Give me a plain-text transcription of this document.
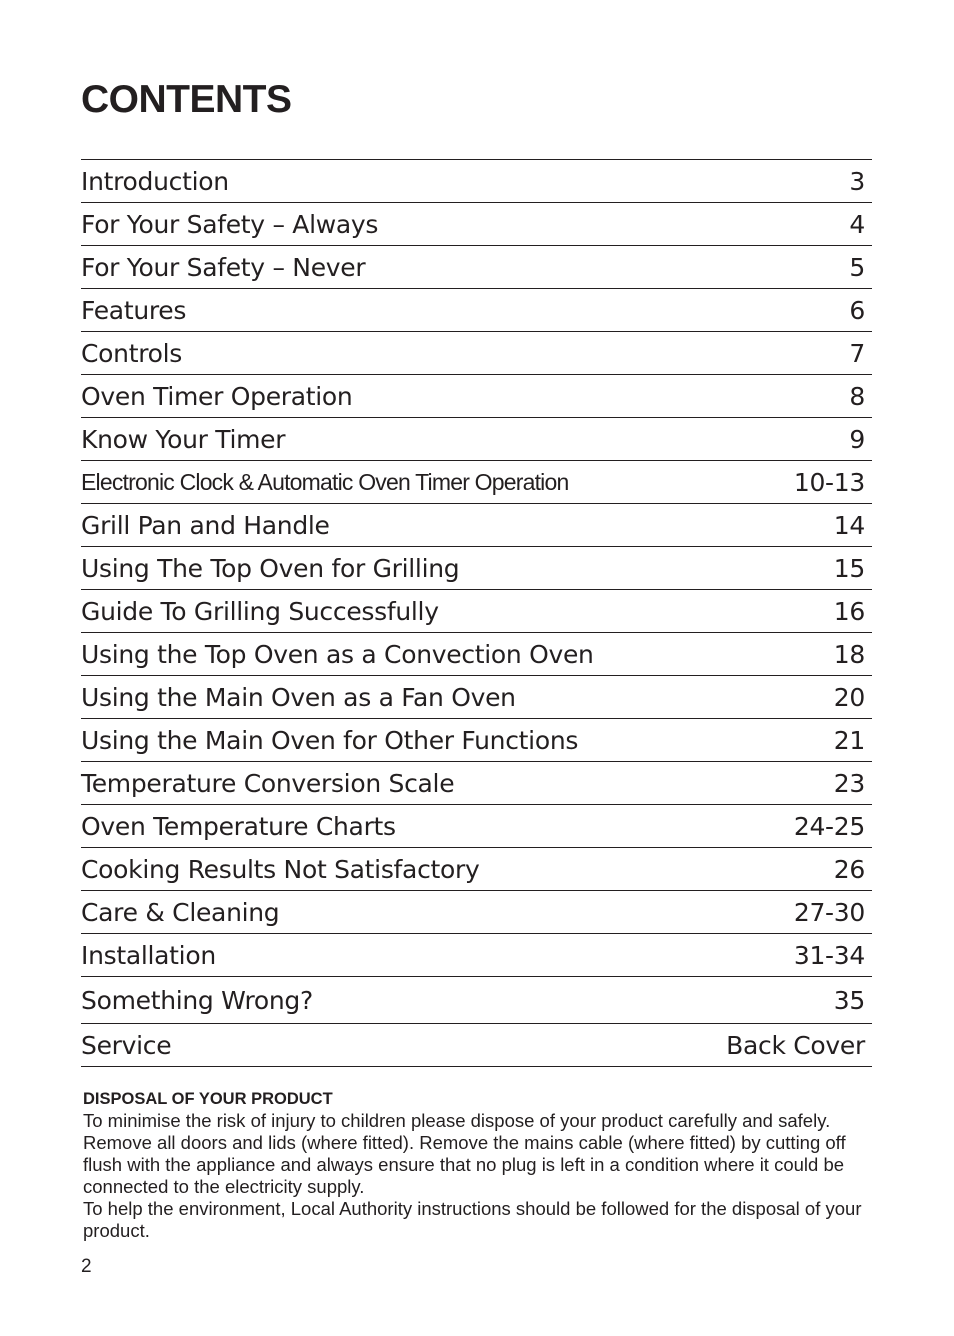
CONTENTS
Introduction	3
For Your Safety – Always	4
For Your Safety – Never	5
Features	6
Controls	7
Oven Timer Operation	8
Know Your Timer	9
Electronic Clock & Automatic Oven Timer Operation	10-13
Grill Pan and Handle	14
Using The Top Oven for Grilling	15
Guide To Grilling Successfully	16
Using the Top Oven as a Convection Oven	18
Using the Main Oven as a Fan Oven	20
Using the Main Oven for Other Functions	21
Temperature Conversion Scale	23
Oven Temperature Charts	24-25
Cooking Results Not Satisfactory	26
Care & Cleaning	27-30
Installation	31-34
Something Wrong?	35
Service	Back Cover

DISPOSAL OF YOUR PRODUCT

To minimise the risk of injury to children please dispose of your product carefully and safely. Remove all doors and lids (where fitted). Remove the mains cable (where fitted) by cutting off flush with the appliance and always ensure that no plug is left in a condition where it could be connected to the electricity supply.

To help the environment, Local Authority instructions should be followed for the disposal of your product.

2
